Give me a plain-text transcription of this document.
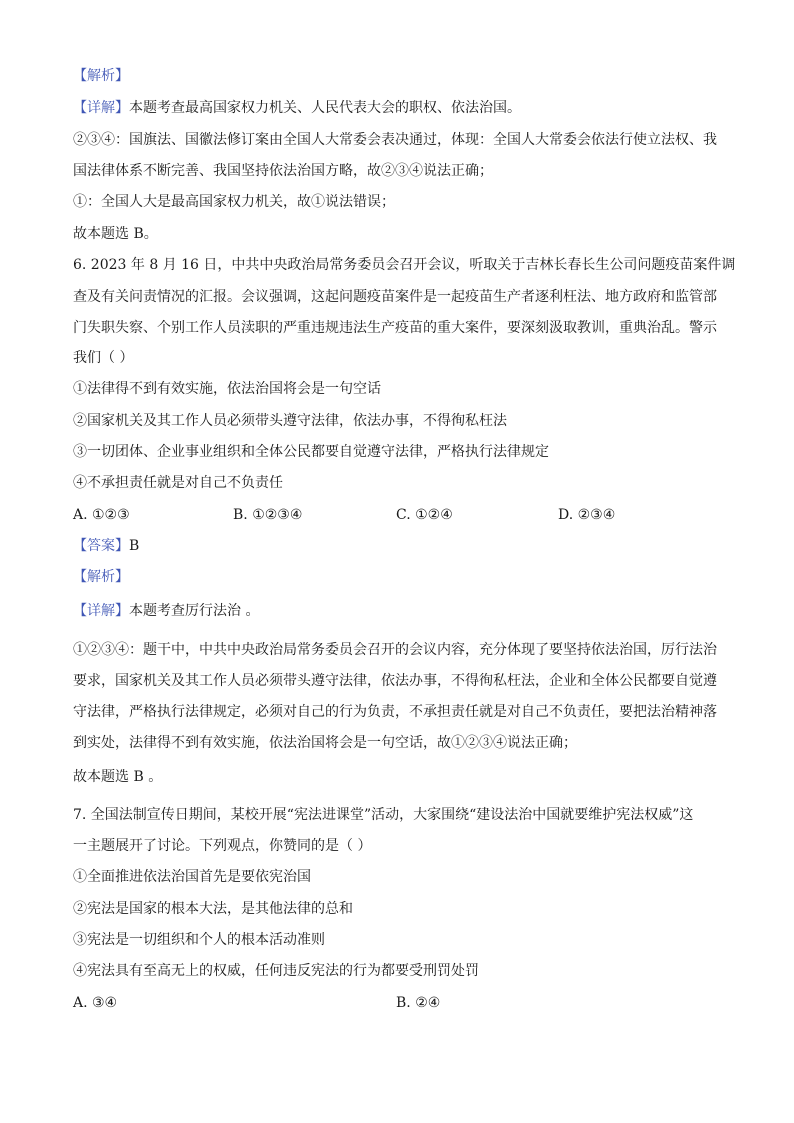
【解析】
【详解】本题考查最高国家权力机关、人民代表大会的职权、依法治国。
②③④：国旗法、国徽法修订案由全国人大常委会表决通过，体现：全国人大常委会依法行使立法权、我
国法律体系不断完善、我国坚持依法治国方略，故②③④说法正确；
①：全国人大是最高国家权力机关，故①说法错误；
故本题选 B。
6. 2023 年 8 月 16 日，中共中央政治局常务委员会召开会议，听取关于吉林长春长生公司问题疫苗案件调
查及有关问责情况的汇报。会议强调，这起问题疫苗案件是一起疫苗生产者逐利枉法、地方政府和监管部
门失职失察、个别工作人员渎职的严重违规违法生产疫苗的重大案件，要深刻汲取教训，重典治乱。警示
我们（ ）
①法律得不到有效实施，依法治国将会是一句空话
②国家机关及其工作人员必须带头遵守法律，依法办事，不得徇私枉法
③一切团体、企业事业组织和全体公民都要自觉遵守法律，严格执行法律规定
④不承担责任就是对自己不负责任
A. ①②③	B. ①②③④	C. ①②④	D. ②③④
【答案】B
【解析】
【详解】本题考查厉行法治 。
①②③④：题干中，中共中央政治局常务委员会召开的会议内容，充分体现了要坚持依法治国，厉行法治
要求，国家机关及其工作人员必须带头遵守法律，依法办事，不得徇私枉法，企业和全体公民都要自觉遵
守法律，严格执行法律规定，必须对自己的行为负责，不承担责任就是对自己不负责任，要把法治精神落
到实处，法律得不到有效实施，依法治国将会是一句空话，故①②③④说法正确；
故本题选 B 。
7. 全国法制宣传日期间，某校开展“宪法进课堂”活动，大家围绕“建设法治中国就要维护宪法权威”这
一主题展开了讨论。下列观点，你赞同的是（ ）
①全面推进依法治国首先是要依宪治国
②宪法是国家的根本大法，是其他法律的总和
③宪法是一切组织和个人的根本活动准则
④宪法具有至高无上的权威，任何违反宪法的行为都要受刑罚处罚
A. ③④	B. ②④
